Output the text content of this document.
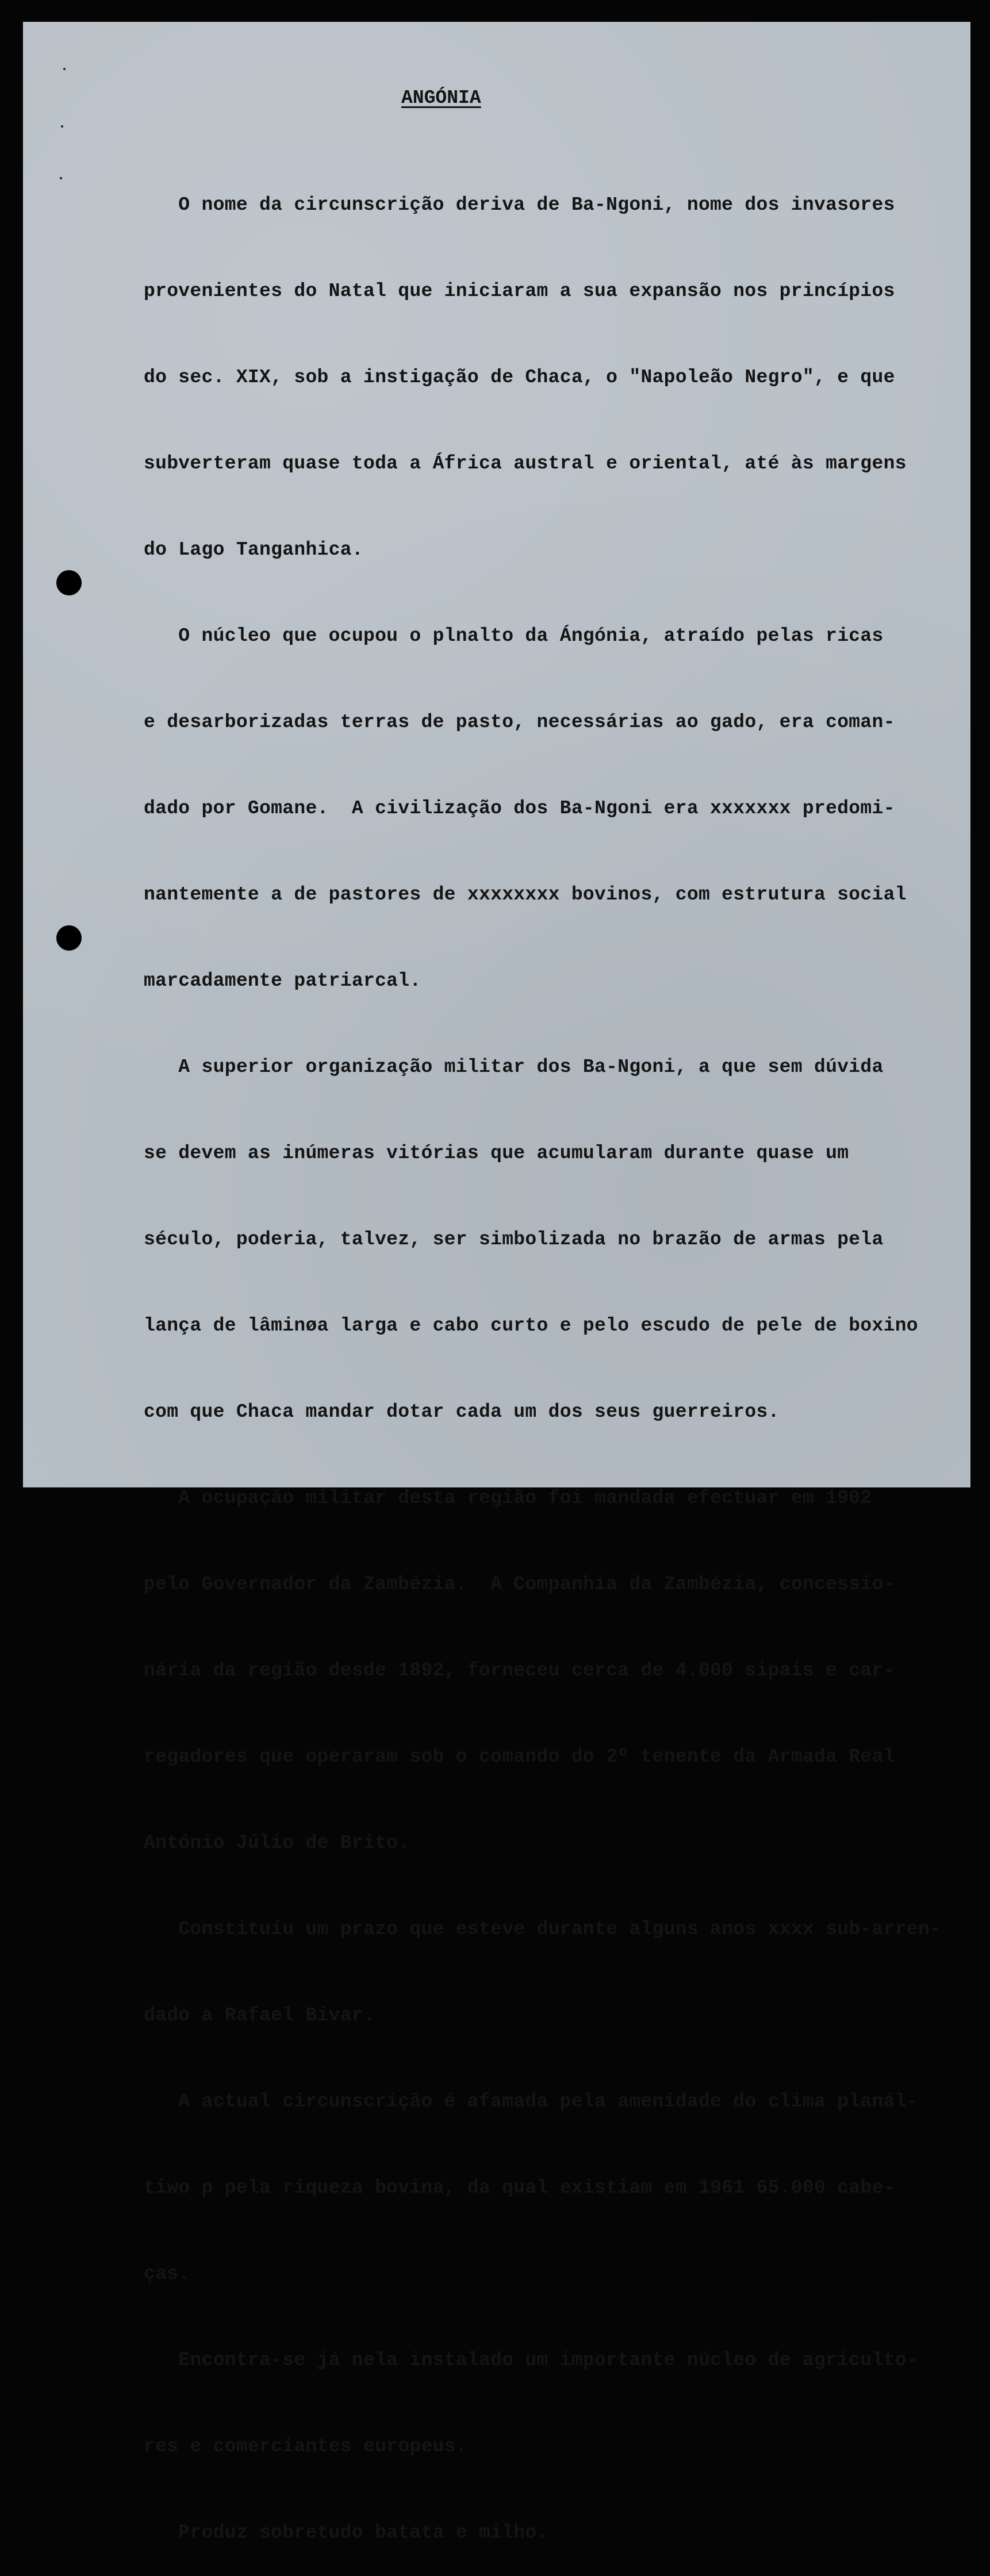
ANGÓNIA

O nome da circunscrição deriva de Ba-Ngoni, nome dos invasores

provenientes do Natal que iniciaram a sua expansão nos princípios

do sec. XIX, sob a instigação de Chaca, o "Napoleão Negro", e que

subverteram quase toda a África austral e oriental, até às margens

do Lago Tanganhica.

O núcleo que ocupou o plnalto da Ángónia, atraído pelas ricas

e desarborizadas terras de pasto, necessárias ao gado, era coman-

dado por Gomane.  A civilização dos Ba-Ngoni era xxxxxxx predomi-

nantemente a de pastores de xxxxxxxx bovinos, com estrutura social

marcadamente patriarcal.

A superior organização militar dos Ba-Ngoni, a que sem dúvida

se devem as inúmeras vitórias que acumularam durante quase um

século, poderia, talvez, ser simbolizada no brazão de armas pela

lança de lâminøa larga e cabo curto e pelo escudo de pele de boxino

com que Chaca mandar dotar cada um dos seus guerreiros.

A ocupação militar desta região foi mandada efectuar em 1902

pelo Governador da Zambézia.  A Companhia da Zambézia, concessio-

nária da região desde 1892, forneceu cerca de 4.000 sipais e car-

regadores que operaram sob o comando do 2º tenente da Armada Real

António Júlio de Brito.

Constituíu um prazo que esteve durante alguns anos xxxx sub-arren-

dado a Rafael Bivar.

A actual circunscrição é afamada pela amenidade do clima planál-

tiwo p pela riqueza bovina, da qual existiam em 1961 65.000 cabe-

ças.

Encontra-se já nela instalado um importante núcleo de agricultо-

res e comerciantes europeus.

Produz sobretudo batata e milho.
